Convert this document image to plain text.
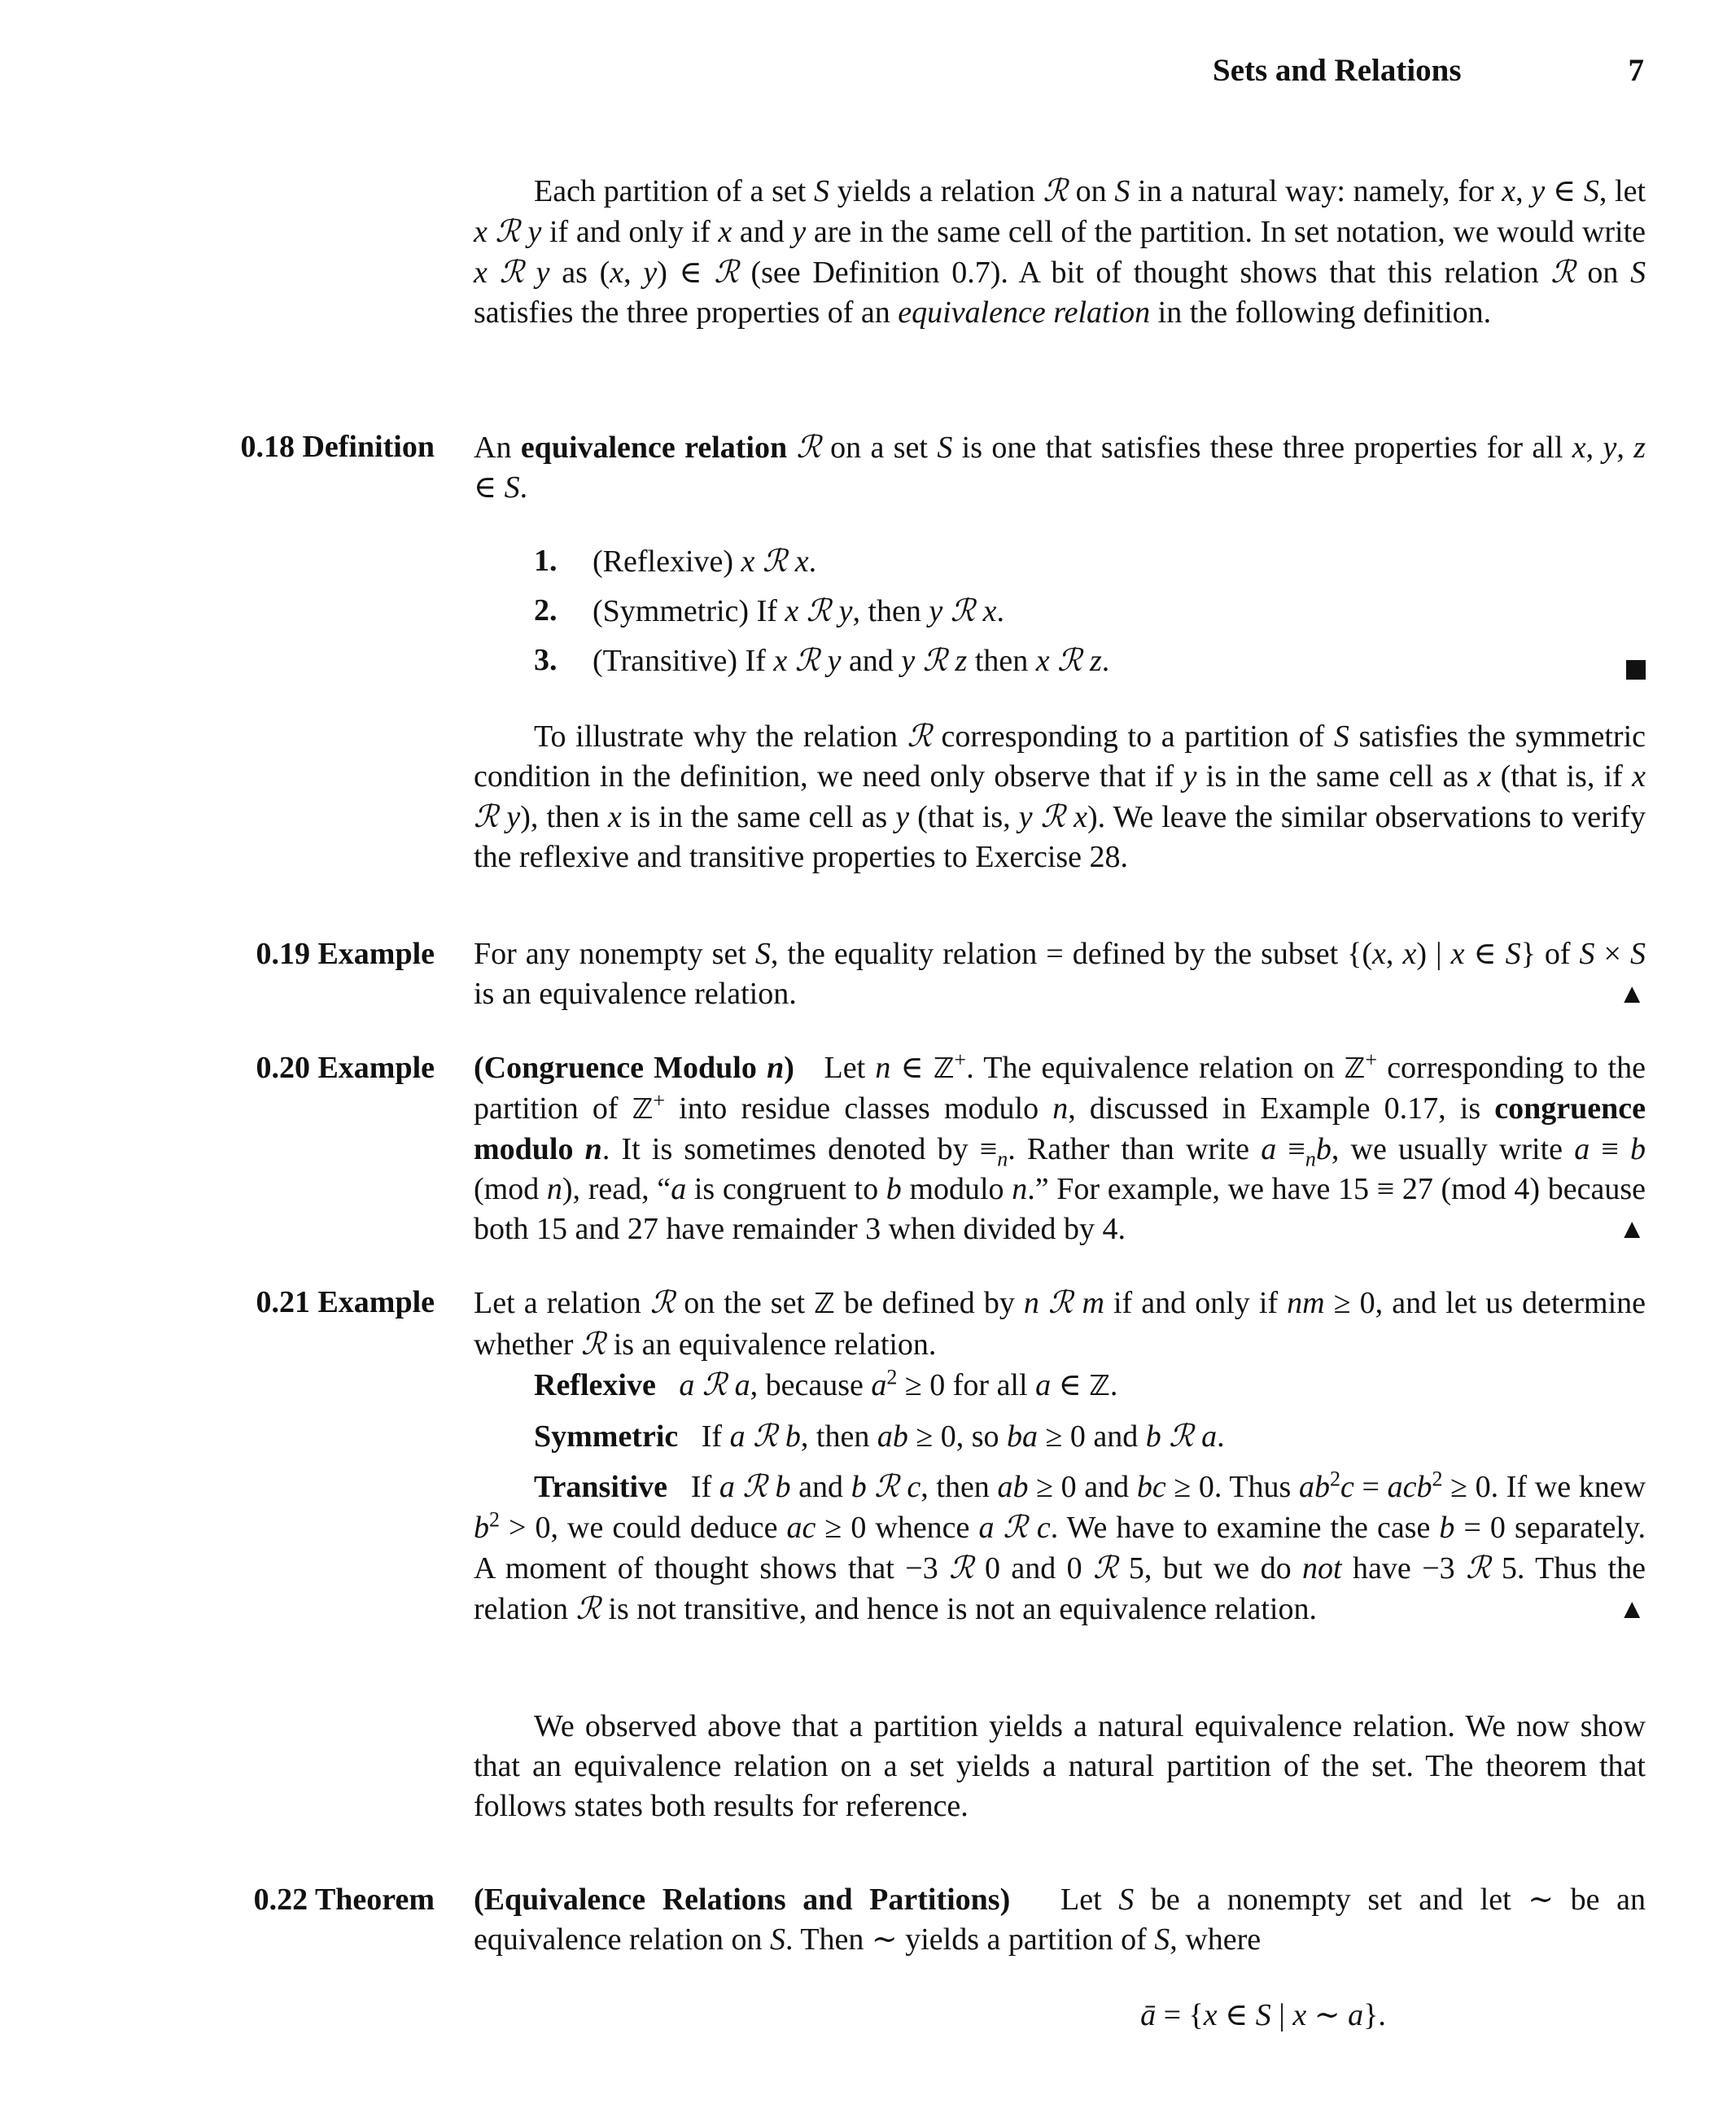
Sets and Relations	7
Each partition of a set S yields a relation ℛ on S in a natural way: namely, for x, y ∈ S, let x ℛ y if and only if x and y are in the same cell of the partition. In set notation, we would write x ℛ y as (x, y) ∈ ℛ (see Definition 0.7). A bit of thought shows that this relation ℛ on S satisfies the three properties of an equivalence relation in the following definition.
0.18 Definition An equivalence relation ℛ on a set S is one that satisfies these three properties for all x, y, z ∈ S.
1. (Reflexive) x ℛ x.
2. (Symmetric) If x ℛ y, then y ℛ x.
3. (Transitive) If x ℛ y and y ℛ z then x ℛ z.
To illustrate why the relation ℛ corresponding to a partition of S satisfies the symmetric condition in the definition, we need only observe that if y is in the same cell as x (that is, if x ℛ y), then x is in the same cell as y (that is, y ℛ x). We leave the similar observations to verify the reflexive and transitive properties to Exercise 28.
0.19 Example For any nonempty set S, the equality relation = defined by the subset {(x, x) | x ∈ S} of S × S is an equivalence relation.	▲
0.20 Example (Congruence Modulo n)   Let n ∈ ℤ+. The equivalence relation on ℤ+ corresponding to the partition of ℤ+ into residue classes modulo n, discussed in Example 0.17, is congruence modulo n. It is sometimes denoted by $\equiv_n$. Rather than write $a \equiv_nb$, we usually write a ≡ b (mod n), read, “a is congruent to b modulo n.” For example, we have 15 ≡ 27 (mod 4) because both 15 and 27 have remainder 3 when divided by 4.	▲
0.21 Example Let a relation ℛ on the set ℤ be defined by n ℛ m if and only if nm ≥ 0, and let us determine whether ℛ is an equivalence relation.
Reflexive a ℛ a, because $a^2 \ge 0$ for all a ∈ ℤ.
Symmetric   If a ℛ b, then ab ≥ 0, so ba ≥ 0 and b ℛ a.
Transitive   If a ℛ b and b ℛ c, then ab ≥ 0 and bc ≥ 0. Thus $ab^2c = acb^2 \ge 0$. If we knew $b^2 > 0$, we could deduce ac ≥ 0 whence a ℛ c. We have to examine the case b = 0 separately. A moment of thought shows that −3 ℛ 0 and 0 ℛ 5, but we do not have −3 ℛ 5. Thus the relation ℛ is not transitive, and hence is not an equivalence relation.	▲
We observed above that a partition yields a natural equivalence relation. We now show that an equivalence relation on a set yields a natural partition of the set. The theorem that follows states both results for reference.
0.22 Theorem (Equivalence Relations and Partitions)   Let S be a nonempty set and let ∼ be an equivalence relation on S. Then ∼ yields a partition of S, where
ā = {x ∈ S | x ∼ a}.
